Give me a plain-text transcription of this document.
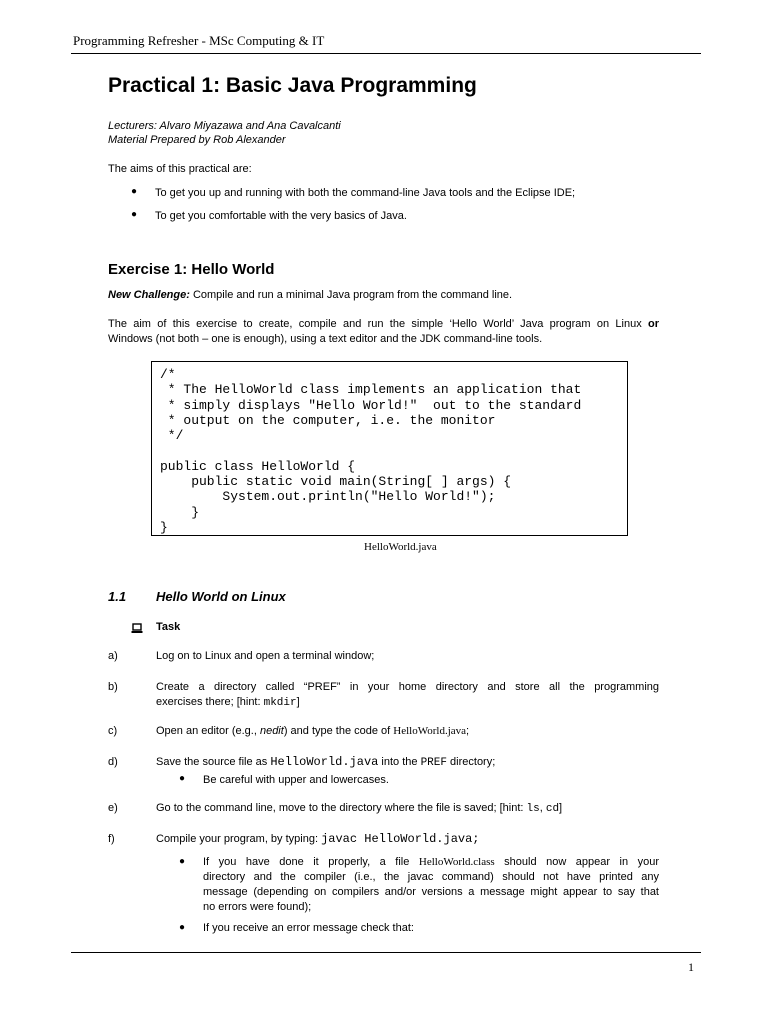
Programming Refresher - MSc Computing & IT
Practical 1: Basic Java Programming
Lecturers: Alvaro Miyazawa and Ana Cavalcanti
Material Prepared by Rob Alexander
The aims of this practical are:
● To get you up and running with both the command-line Java tools and the Eclipse IDE;
● To get you comfortable with the very basics of Java.
Exercise 1: Hello World
New Challenge: Compile and run a minimal Java program from the command line.
The aim of this exercise to create, compile and run the simple ‘Hello World’ Java program on Linux or
Windows (not both – one is enough), using a text editor and the JDK command-line tools.
/*
* The HelloWorld class implements an application that
* simply displays "Hello World!"  out to the standard
* output on the computer, i.e. the monitor
*/

public class HelloWorld {
public static void main(String[ ] args) {
System.out.println("Hello World!");
}
}
HelloWorld.java
1.1 Hello World on Linux
Task
a)	Log on to Linux and open a terminal window;
b)	Create a directory called “PREF” in your home directory and store all the programming
exercises there; [hint: mkdir]
c)	Open an editor (e.g., nedit) and type the code of HelloWorld.java;
d)	Save the source file as HelloWorld.java into the PREF directory;
● Be careful with upper and lowercases.
e)	Go to the command line, move to the directory where the file is saved; [hint: ls, cd]
f)	Compile your program, by typing: javac HelloWorld.java;
● If you have done it properly, a file HelloWorld.class should now appear in your
directory and the compiler (i.e., the javac command) should not have printed any
message (depending on compilers and/or versions a message might appear to say that
no errors were found);
● If you receive an error message check that:
1
